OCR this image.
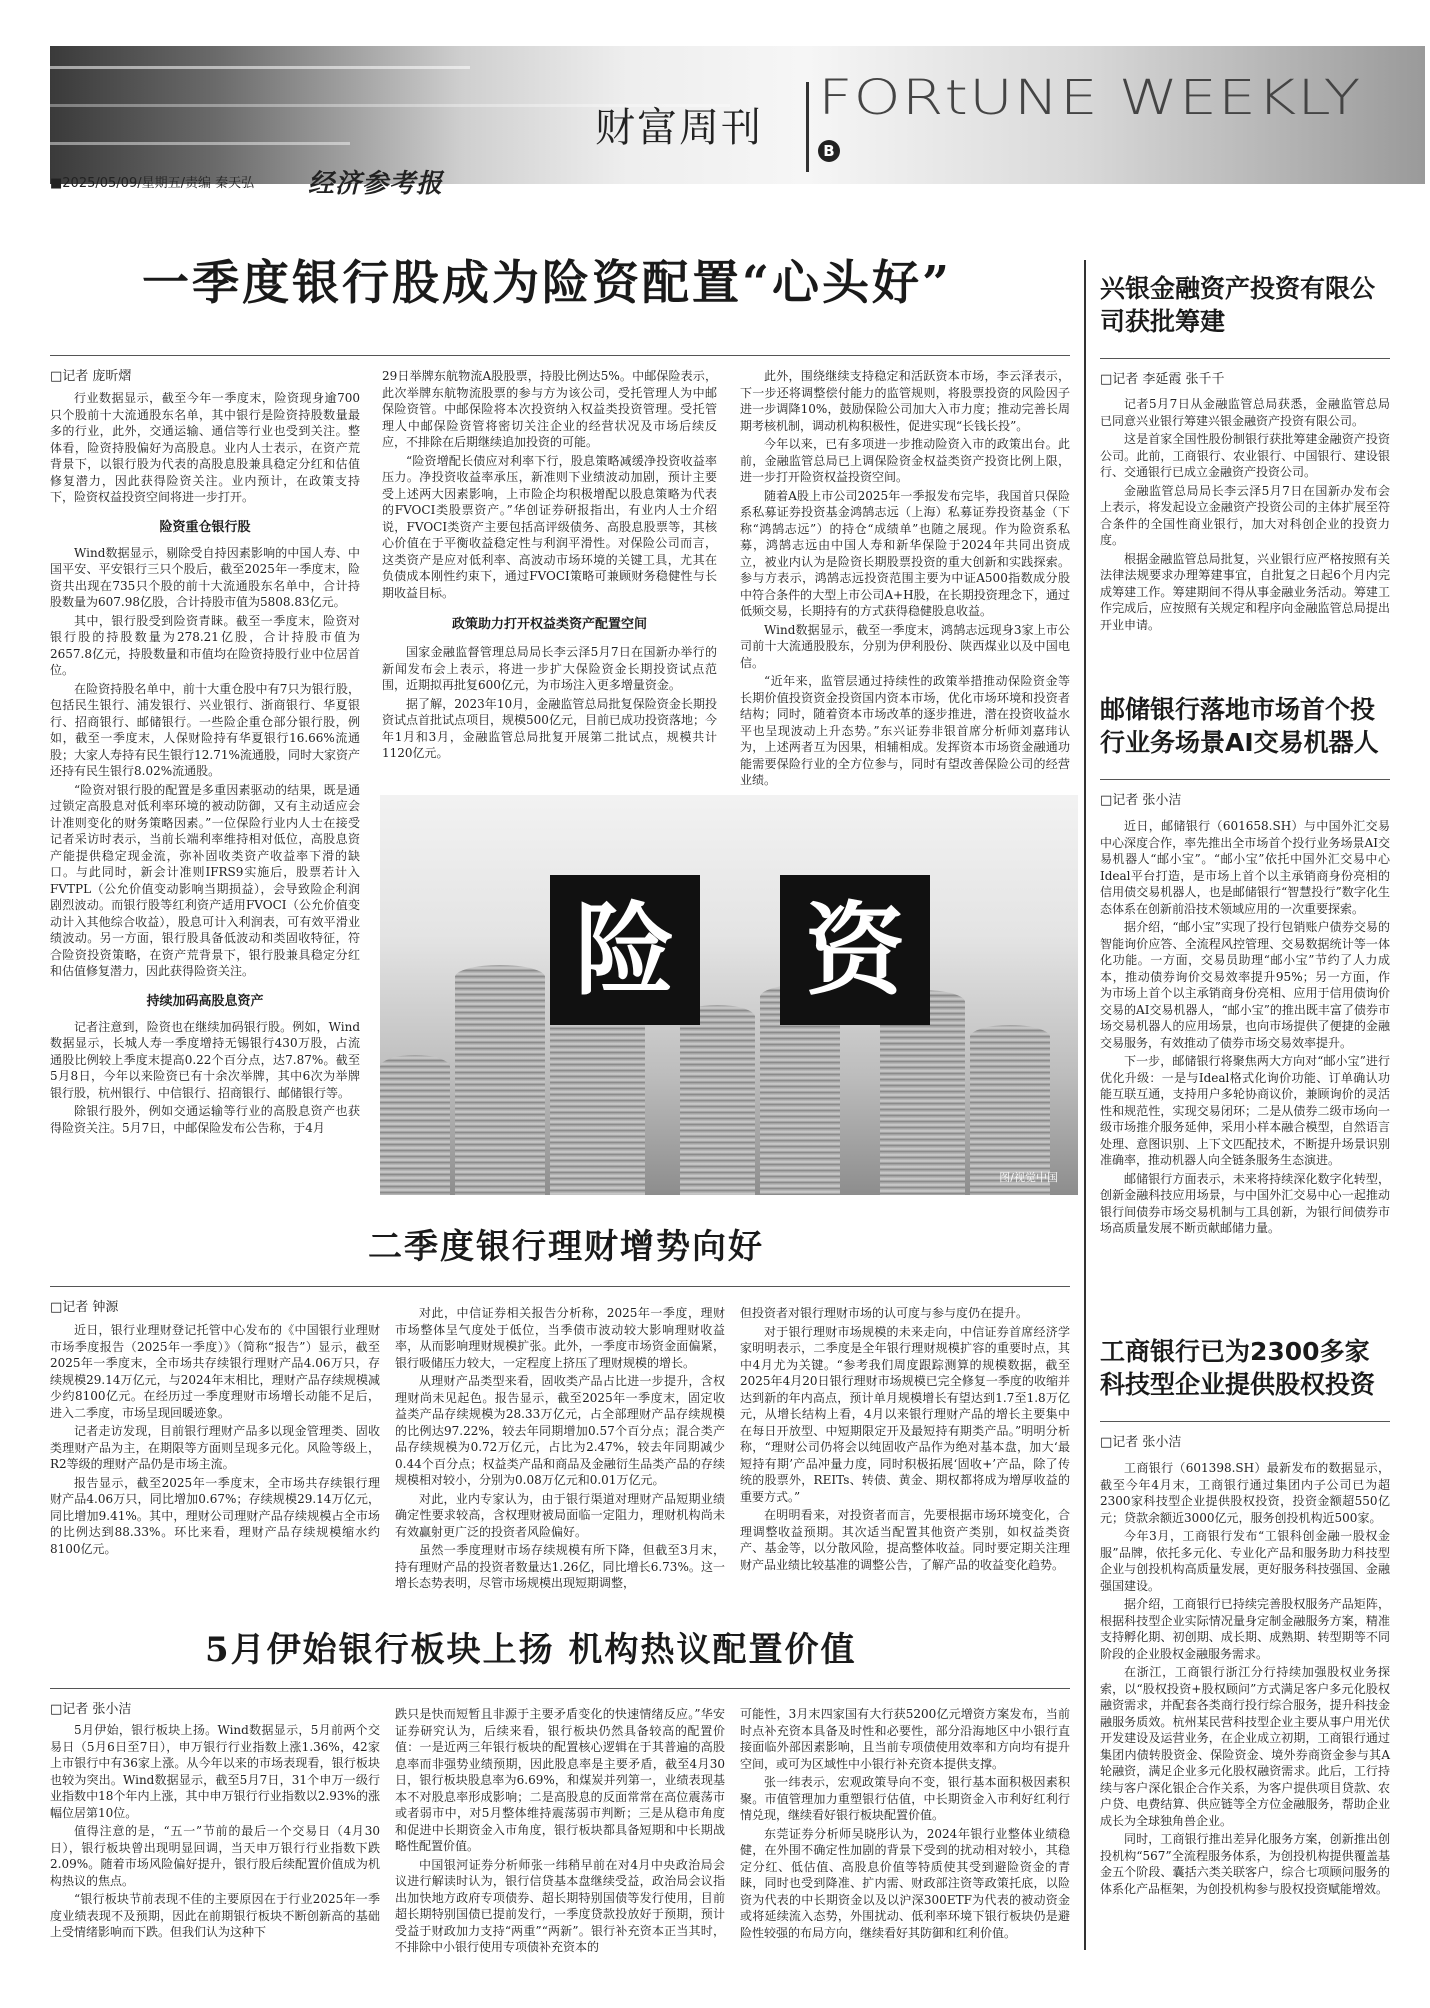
财富周刊
FORtUNE WEEKLY
B
■2025/05/09/星期五/责编 秦天弘 经济参考报
一季度银行股成为险资配置“心头好”
□记者 庞昕熠

行业数据显示，截至今年一季度末，险资现身逾700只个股前十大流通股东名单，其中银行是险资持股数量最多的行业，此外，交通运输、通信等行业也受到关注。整体看，险资持股偏好为高股息。业内人士表示，在资产荒背景下，以银行股为代表的高股息股兼具稳定分红和估值修复潜力，因此获得险资关注。业内预计，在政策支持下，险资权益投资空间将进一步打开。

险资重仓银行股

Wind数据显示，剔除受自持因素影响的中国人寿、中国平安、平安银行三只个股后，截至2025年一季度末，险资共出现在735只个股的前十大流通股东名单中，合计持股数量为607.98亿股，合计持股市值为5808.83亿元。

其中，银行股受到险资青睐。截至一季度末，险资对银行股的持股数量为278.21亿股，合计持股市值为2657.8亿元，持股数量和市值均在险资持股行业中位居首位。

在险资持股名单中，前十大重仓股中有7只为银行股，包括民生银行、浦发银行、兴业银行、浙商银行、华夏银行、招商银行、邮储银行。一些险企重仓部分银行股，例如，截至一季度末，人保财险持有华夏银行16.66%流通股；大家人寿持有民生银行12.71%流通股，同时大家资产还持有民生银行8.02%流通股。

“险资对银行股的配置是多重因素驱动的结果，既是通过锁定高股息对低利率环境的被动防御，又有主动适应会计准则变化的财务策略因素。”一位保险行业内人士在接受记者采访时表示，当前长端利率维持相对低位，高股息资产能提供稳定现金流，弥补固收类资产收益率下滑的缺口。与此同时，新会计准则IFRS9实施后，股票若计入FVTPL（公允价值变动影响当期损益），会导致险企利润剧烈波动。而银行股等红利资产适用FVOCI（公允价值变动计入其他综合收益），股息可计入利润表，可有效平滑业绩波动。另一方面，银行股具备低波动和类固收特征，符合险资投资策略，在资产荒背景下，银行股兼具稳定分红和估值修复潜力，因此获得险资关注。

持续加码高股息资产

记者注意到，险资也在继续加码银行股。例如，Wind数据显示，长城人寿一季度增持无锡银行430万股，占流通股比例较上季度末提高0.22个百分点，达7.87%。截至5月8日，今年以来险资已有十余次举牌，其中6次为举牌银行股，杭州银行、中信银行、招商银行、邮储银行等。

除银行股外，例如交通运输等行业的高股息资产也获得险资关注。5月7日，中邮保险发布公告称，于4月

29日举牌东航物流A股股票，持股比例达5%。中邮保险表示，此次举牌东航物流股票的参与方为该公司，受托管理人为中邮保险资管。中邮保险将本次投资纳入权益类投资管理。受托管理人中邮保险资管将密切关注企业的经营状况及市场后续反应，不排除在后期继续追加投资的可能。

“险资增配长债应对利率下行，股息策略减缓净投资收益率压力。净投资收益率承压，新准则下业绩波动加剧，预计主要受上述两大因素影响，上市险企均积极增配以股息策略为代表的FVOCI类股票资产。”华创证券研报指出，有业内人士介绍说，FVOCI类资产主要包括高评级债务、高股息股票等，其核心价值在于平衡收益稳定性与利润平滑性。对保险公司而言，这类资产是应对低利率、高波动市场环境的关键工具，尤其在负债成本刚性约束下，通过FVOCI策略可兼顾财务稳健性与长期收益目标。

政策助力打开权益类资产配置空间

国家金融监督管理总局局长李云泽5月7日在国新办举行的新闻发布会上表示，将进一步扩大保险资金长期投资试点范围，近期拟再批复600亿元，为市场注入更多增量资金。

据了解，2023年10月，金融监管总局批复保险资金长期投资试点首批试点项目，规模500亿元，目前已成功投资落地；今年1月和3月，金融监管总局批复开展第二批试点，规模共计1120亿元。

此外，围绕继续支持稳定和活跃资本市场，李云泽表示，下一步还将调整偿付能力的监管规则，将股票投资的风险因子进一步调降10%，鼓励保险公司加大入市力度；推动完善长周期考核机制，调动机构积极性，促进实现“长钱长投”。

今年以来，已有多项进一步推动险资入市的政策出台。此前，金融监管总局已上调保险资金权益类资产投资比例上限，进一步打开险资权益投资空间。

随着A股上市公司2025年一季报发布完毕，我国首只保险系私募证券投资基金鸿鹄志远（上海）私募证券投资基金（下称“鸿鹄志远”）的持仓“成绩单”也随之展现。作为险资系私募，鸿鹄志远由中国人寿和新华保险于2024年共同出资成立，被业内认为是险资长期股票投资的重大创新和实践探索。参与方表示，鸿鹄志远投资范围主要为中证A500指数成分股中符合条件的大型上市公司A+H股，在长期投资理念下，通过低频交易，长期持有的方式获得稳健股息收益。

Wind数据显示，截至一季度末，鸿鹄志远现身3家上市公司前十大流通股股东，分别为伊利股份、陕西煤业以及中国电信。

“近年来，监管层通过持续性的政策举措推动保险资金等长期价值投资资金投资国内资本市场，优化市场环境和投资者结构；同时，随着资本市场改革的逐步推进，潜在投资收益水平也呈现波动上升态势。”东兴证券非银首席分析师刘嘉玮认为，上述两者互为因果，相辅相成。发挥资本市场资金融通功能需要保险行业的全方位参与，同时有望改善保险公司的经营业绩。

险 资
图/视觉中国
二季度银行理财增势向好
□记者 钟源

近日，银行业理财登记托管中心发布的《中国银行业理财市场季度报告（2025年一季度）》（简称“报告”）显示，截至2025年一季度末，全市场共存续银行理财产品4.06万只，存续规模29.14万亿元，与2024年末相比，理财产品存续规模减少约8100亿元。在经历过一季度理财市场增长动能不足后，进入二季度，市场呈现回暖迹象。

记者走访发现，目前银行理财产品多以现金管理类、固收类理财产品为主，在期限等方面则呈现多元化。风险等级上，R2等级的理财产品仍是市场主流。

报告显示，截至2025年一季度末，全市场共存续银行理财产品4.06万只，同比增加0.67%；存续规模29.14万亿元，同比增加9.41%。其中，理财公司理财产品存续规模占全市场的比例达到88.33%。环比来看，理财产品存续规模缩水约8100亿元。

对此，中信证券相关报告分析称，2025年一季度，理财市场整体呈气度处于低位，当季债市波动较大影响理财收益率，从而影响理财规模扩张。此外，一季度市场资金面偏紧，银行吸储压力较大，一定程度上挤压了理财规模的增长。

从理财产品类型来看，固收类产品占比进一步提升，含权理财尚未见起色。报告显示，截至2025年一季度末，固定收益类产品存续规模为28.33万亿元，占全部理财产品存续规模的比例达97.22%，较去年同期增加0.57个百分点；混合类产品存续规模为0.72万亿元，占比为2.47%，较去年同期减少0.44个百分点；权益类产品和商品及金融衍生品类产品的存续规模相对较小，分别为0.08万亿元和0.01万亿元。

对此，业内专家认为，由于银行渠道对理财产品短期业绩确定性要求较高，含权理财被局面临一定阻力，理财机构尚未有效赢射更广泛的投资者风险偏好。

虽然一季度理财市场存续规模有所下降，但截至3月末，持有理财产品的投资者数量达1.26亿，同比增长6.73%。这一增长态势表明，尽管市场规模出现短期调整，

但投资者对银行理财市场的认可度与参与度仍在提升。

对于银行理财市场规模的未来走向，中信证券首席经济学家明明表示，二季度是全年银行理财规模扩容的重要时点，其中4月尤为关键。“参考我们周度跟踪测算的规模数据，截至2025年4月20日银行理财市场规模已完全修复一季度的收缩并达到新的年内高点，预计单月规模增长有望达到1.7至1.8万亿元，从增长结构上看，4月以来银行理财产品的增长主要集中在每日开放型、中短期限定开及最短持有期类产品。”明明分析称，“理财公司仍将会以纯固收产品作为绝对基本盘，加大‘最短持有期’产品冲量力度，同时积极拓展‘固收+’产品，除了传统的股票外，REITs、转债、黄金、期权都将成为增厚收益的重要方式。”

在明明看来，对投资者而言，先要根据市场环境变化，合理调整收益预期。其次适当配置其他资产类别，如权益类资产、基金等，以分散风险，提高整体收益。同时要定期关注理财产品业绩比较基准的调整公告，了解产品的收益变化趋势。

5月伊始银行板块上扬 机构热议配置价值
□记者 张小洁

5月伊始，银行板块上扬。Wind数据显示，5月前两个交易日（5月6日至7日），申万银行行业指数上涨1.36%，42家上市银行中有36家上涨。从今年以来的市场表现看，银行板块也较为突出。Wind数据显示，截至5月7日，31个申万一级行业指数中18个年内上涨，其中申万银行行业指数以2.93%的涨幅位居第10位。

值得注意的是，“五一”节前的最后一个交易日（4月30日），银行板块曾出现明显回调，当天申万银行行业指数下跌2.09%。随着市场风险偏好提升，银行股后续配置价值成为机构热议的焦点。

“银行板块节前表现不佳的主要原因在于行业2025年一季度业绩表现不及预期，因此在前期银行板块不断创新高的基础上受情绪影响而下跌。但我们认为这种下

跌只是快而短暂且非源于主要矛盾变化的快速情绪反应。”华安证券研究认为，后续来看，银行板块仍然具备较高的配置价值：一是近两三年银行板块的配置核心逻辑在于其普遍的高股息率而非强势业绩预期，因此股息率是主要矛盾，截至4月30日，银行板块股息率为6.69%，和煤炭并列第一，业绩表现基本不对股息率形成影响；二是高股息的反面常常在高位震荡市或者弱市中，对5月整体维持震荡弱市判断；三是从稳市角度和促进中长期资金入市角度，银行板块都具备短期和中长期战略性配置价值。

中国银河证券分析师张一纬稍早前在对4月中央政治局会议进行解读时认为，银行信贷基本盘继续受益，政治局会议指出加快地方政府专项债券、超长期特别国债等发行使用，目前超长期特别国债已提前发行，一季度贷款投放好于预期，预计受益于财政加力支持“两重”“两新”。银行补充资本正当其时，不排除中小银行使用专项债补充资本的

可能性，3月末四家国有大行获5200亿元增资方案发布，当前时点补充资本具备及时性和必要性，部分沿海地区中小银行直接面临外部因素影响，且当前专项债使用效率和方向均有提升空间，或可为区域性中小银行补充资本提供支撑。

张一纬表示，宏观政策导向不变，银行基本面积极因素积聚。市值管理加力重塑银行估值，中长期资金入市利好红利行情兑现，继续看好银行板块配置价值。

东莞证券分析师吴晓彤认为，2024年银行业整体业绩稳健，在外围不确定性加剧的背景下受到的扰动相对较小，其稳定分红、低估值、高股息价值等特质使其受到避险资金的青睐，同时也受到降准、扩内需、财政部注资等政策托底，以险资为代表的中长期资金以及以沪深300ETF为代表的被动资金或将延续流入态势，外围扰动、低利率环境下银行板块仍是避险性较强的布局方向，继续看好其防御和红利价值。

兴银金融资产投资有限公司获批筹建
□记者 李延霞 张千千

记者5月7日从金融监管总局获悉，金融监管总局已同意兴业银行筹建兴银金融资产投资有限公司。

这是首家全国性股份制银行获批筹建金融资产投资公司。此前，工商银行、农业银行、中国银行、建设银行、交通银行已成立金融资产投资公司。

金融监管总局局长李云泽5月7日在国新办发布会上表示，将发起设立金融资产投资公司的主体扩展至符合条件的全国性商业银行，加大对科创企业的投资力度。

根据金融监管总局批复，兴业银行应严格按照有关法律法规要求办理筹建事宜，自批复之日起6个月内完成筹建工作。筹建期间不得从事金融业务活动。筹建工作完成后，应按照有关规定和程序向金融监管总局提出开业申请。

邮储银行落地市场首个投行业务场景AI交易机器人
□记者 张小洁

近日，邮储银行（601658.SH）与中国外汇交易中心深度合作，率先推出全市场首个投行业务场景AI交易机器人“邮小宝”。“邮小宝”依托中国外汇交易中心Ideal平台打造，是市场上首个以主承销商身份亮相的信用债交易机器人，也是邮储银行“智慧投行”数字化生态体系在创新前沿技术领域应用的一次重要探索。

据介绍，“邮小宝”实现了投行包销账户债券交易的智能询价应答、全流程风控管理、交易数据统计等一体化功能。一方面，交易员助理“邮小宝”节约了人力成本，推动债券询价交易效率提升95%；另一方面，作为市场上首个以主承销商身份亮相、应用于信用债询价交易的AI交易机器人，“邮小宝”的推出既丰富了债券市场交易机器人的应用场景，也向市场提供了便捷的金融交易服务，有效推动了债券市场交易效率提升。

下一步，邮储银行将聚焦两大方向对“邮小宝”进行优化升级：一是与Ideal格式化询价功能、订单确认功能互联互通，支持用户多轮协商议价，兼顾询价的灵活性和规范性，实现交易闭环；二是从债券二级市场向一级市场推介服务延伸，采用小样本融合模型，自然语言处理、意图识别、上下文匹配技术，不断提升场景识别准确率，推动机器人向全链条服务生态演进。

邮储银行方面表示，未来将持续深化数字化转型，创新金融科技应用场景，与中国外汇交易中心一起推动银行间债券市场交易机制与工具创新，为银行间债券市场高质量发展不断贡献邮储力量。

工商银行已为2300多家科技型企业提供股权投资
□记者 张小洁

工商银行（601398.SH）最新发布的数据显示，截至今年4月末，工商银行通过集团内子公司已为超2300家科技型企业提供股权投资，投资金额超550亿元；贷款余额近3000亿元，服务创投机构近500家。

今年3月，工商银行发布“工银科创金融一股权金服”品牌，依托多元化、专业化产品和服务助力科技型企业与创投机构高质量发展，更好服务科技强国、金融强国建设。

据介绍，工商银行已持续完善股权服务产品矩阵，根据科技型企业实际情况量身定制金融服务方案，精准支持孵化期、初创期、成长期、成熟期、转型期等不同阶段的企业股权金融服务需求。

在浙江，工商银行浙江分行持续加强股权业务探索，以“股权投资+股权顾问”方式满足客户多元化股权融资需求，并配套各类商行投行综合服务，提升科技金融服务质效。杭州某民营科技型企业主要从事户用光伏开发建设及运营业务，在企业成立初期，工商银行通过集团内债转股资金、保险资金、境外券商资金参与其A轮融资，满足企业多元化股权融资需求。此后，工行持续与客户深化银企合作关系，为客户提供项目贷款、农户贷、电费结算、供应链等全方位金融服务，帮助企业成长为全球独角兽企业。

同时，工商银行推出差异化服务方案，创新推出创投机构“567”全流程服务体系，为创投机构提供覆盖基金五个阶段、囊括六类关联客户，综合七项顾问服务的体系化产品框架，为创投机构参与股权投资赋能增效。
